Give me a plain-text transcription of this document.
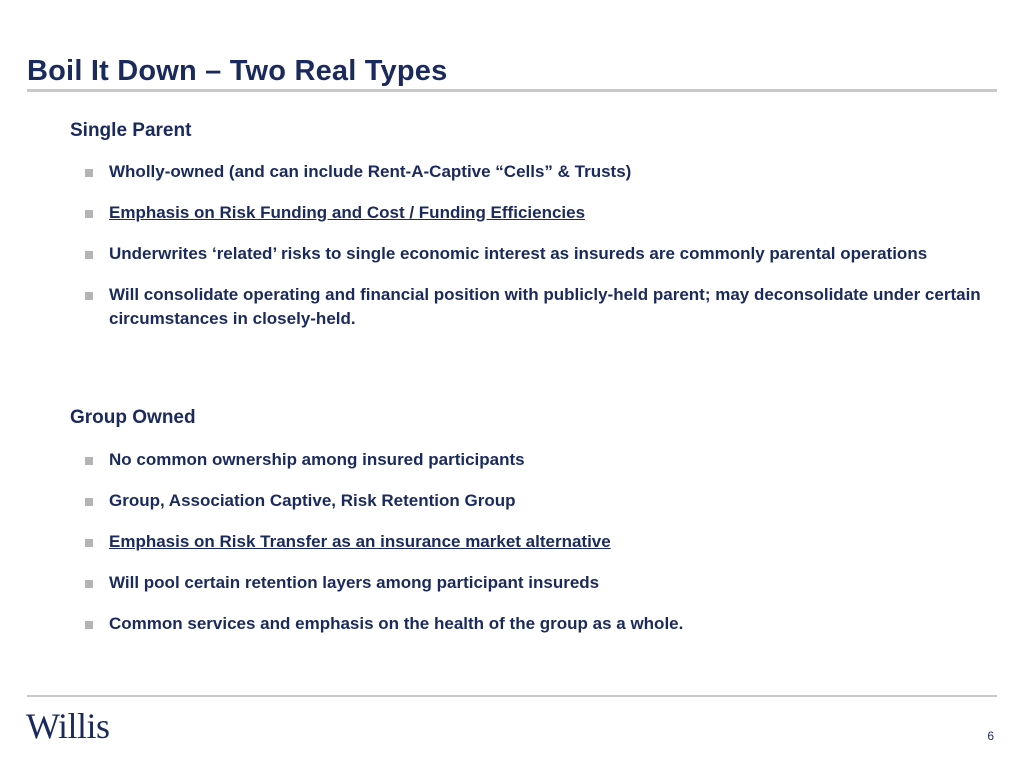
Boil It Down – Two Real Types
Single Parent
Wholly-owned (and can include Rent-A-Captive “Cells” & Trusts)
Emphasis on Risk Funding and Cost / Funding Efficiencies
Underwrites ‘related’ risks to single economic interest as insureds are commonly parental operations
Will consolidate operating and financial position with publicly-held parent; may deconsolidate under certain circumstances in closely-held.
Group Owned
No common ownership among insured participants
Group, Association Captive, Risk Retention Group
Emphasis on Risk Transfer as an insurance market alternative
Will pool certain retention layers among participant insureds
Common services and emphasis on the health of the group as a whole.
Willis	6
